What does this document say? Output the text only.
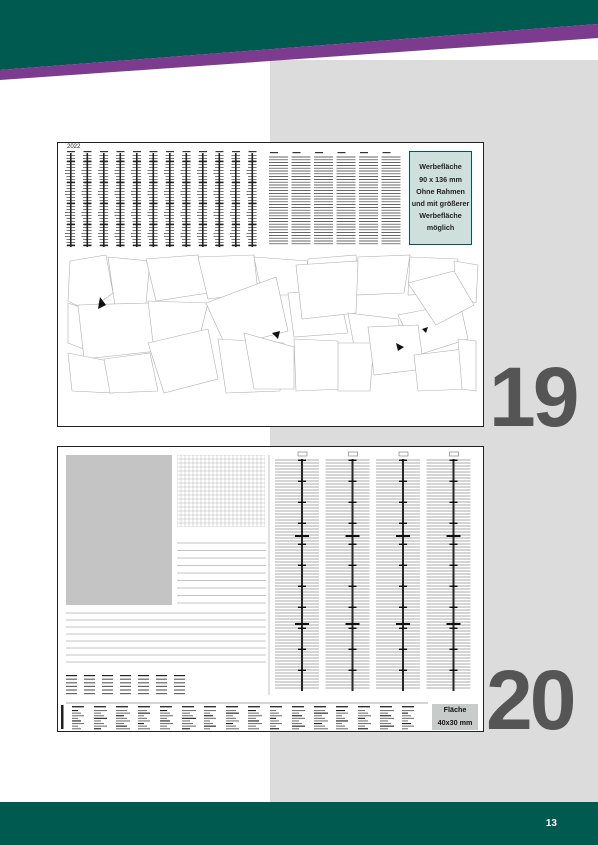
2022
Werbefläche
90 x 136 mm
Ohne Rahmen
und mit größerer
Werbefläche
möglich
19
Fläche
40x30 mm 20
13
